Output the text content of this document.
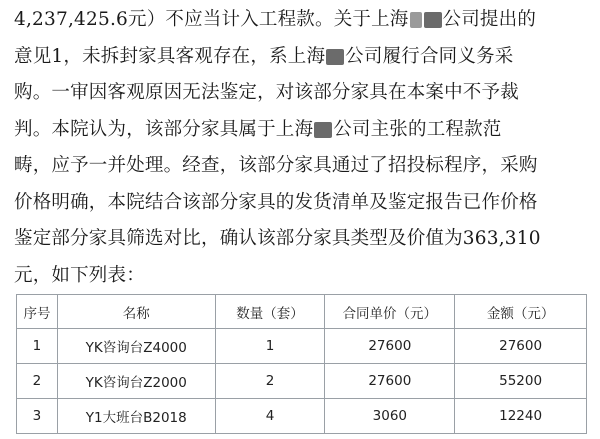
4,237,425.6元）不应当计入工程款。关于上海 公司提出的
意见1，未拆封家具客观存在，系上海 公司履行合同义务采
购。一审因客观原因无法鉴定，对该部分家具在本案中不予裁
判。本院认为，该部分家具属于上海 公司主张的工程款范
畴，应予一并处理。经查，该部分家具通过了招投标程序，采购
价格明确，本院结合该部分家具的发货清单及鉴定报告已作价格
鉴定部分家具筛选对比，确认该部分家具类型及价值为363,310
元，如下列表：
序号	名称	数量（套）	合同单价（元）	金额（元）
1	YK咨询台Z4000	1	27600	27600
2	YK咨询台Z2000	2	27600	55200
3	Y1大班台B2018	4	3060	12240
